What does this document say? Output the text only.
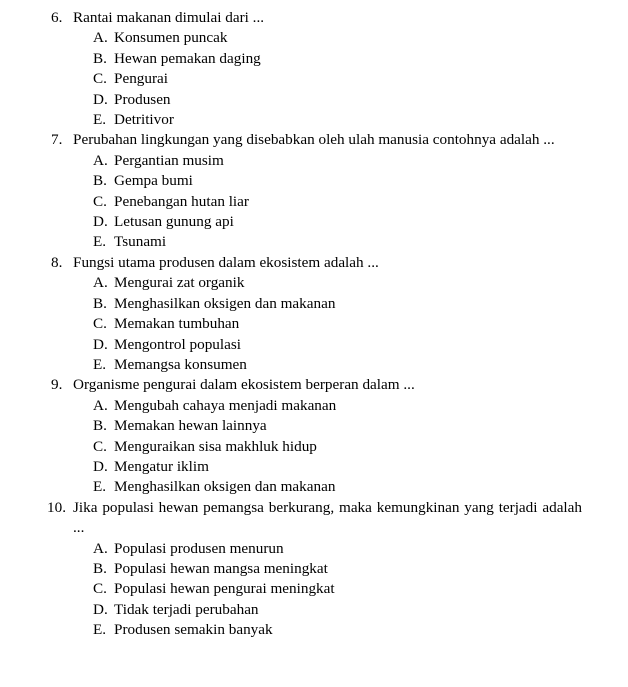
6. Rantai makanan dimulai dari ...
A. Konsumen puncak
B. Hewan pemakan daging
C. Pengurai
D. Produsen
E. Detritivor
7. Perubahan lingkungan yang disebabkan oleh ulah manusia contohnya adalah ...
A. Pergantian musim
B. Gempa bumi
C. Penebangan hutan liar
D. Letusan gunung api
E. Tsunami
8. Fungsi utama produsen dalam ekosistem adalah ...
A. Mengurai zat organik
B. Menghasilkan oksigen dan makanan
C. Memakan tumbuhan
D. Mengontrol populasi
E. Memangsa konsumen
9. Organisme pengurai dalam ekosistem berperan dalam ...
A. Mengubah cahaya menjadi makanan
B. Memakan hewan lainnya
C. Menguraikan sisa makhluk hidup
D. Mengatur iklim
E. Menghasilkan oksigen dan makanan
10. Jika populasi hewan pemangsa berkurang, maka kemungkinan yang terjadi adalah ...
A. Populasi produsen menurun
B. Populasi hewan mangsa meningkat
C. Populasi hewan pengurai meningkat
D. Tidak terjadi perubahan
E. Produsen semakin banyak
